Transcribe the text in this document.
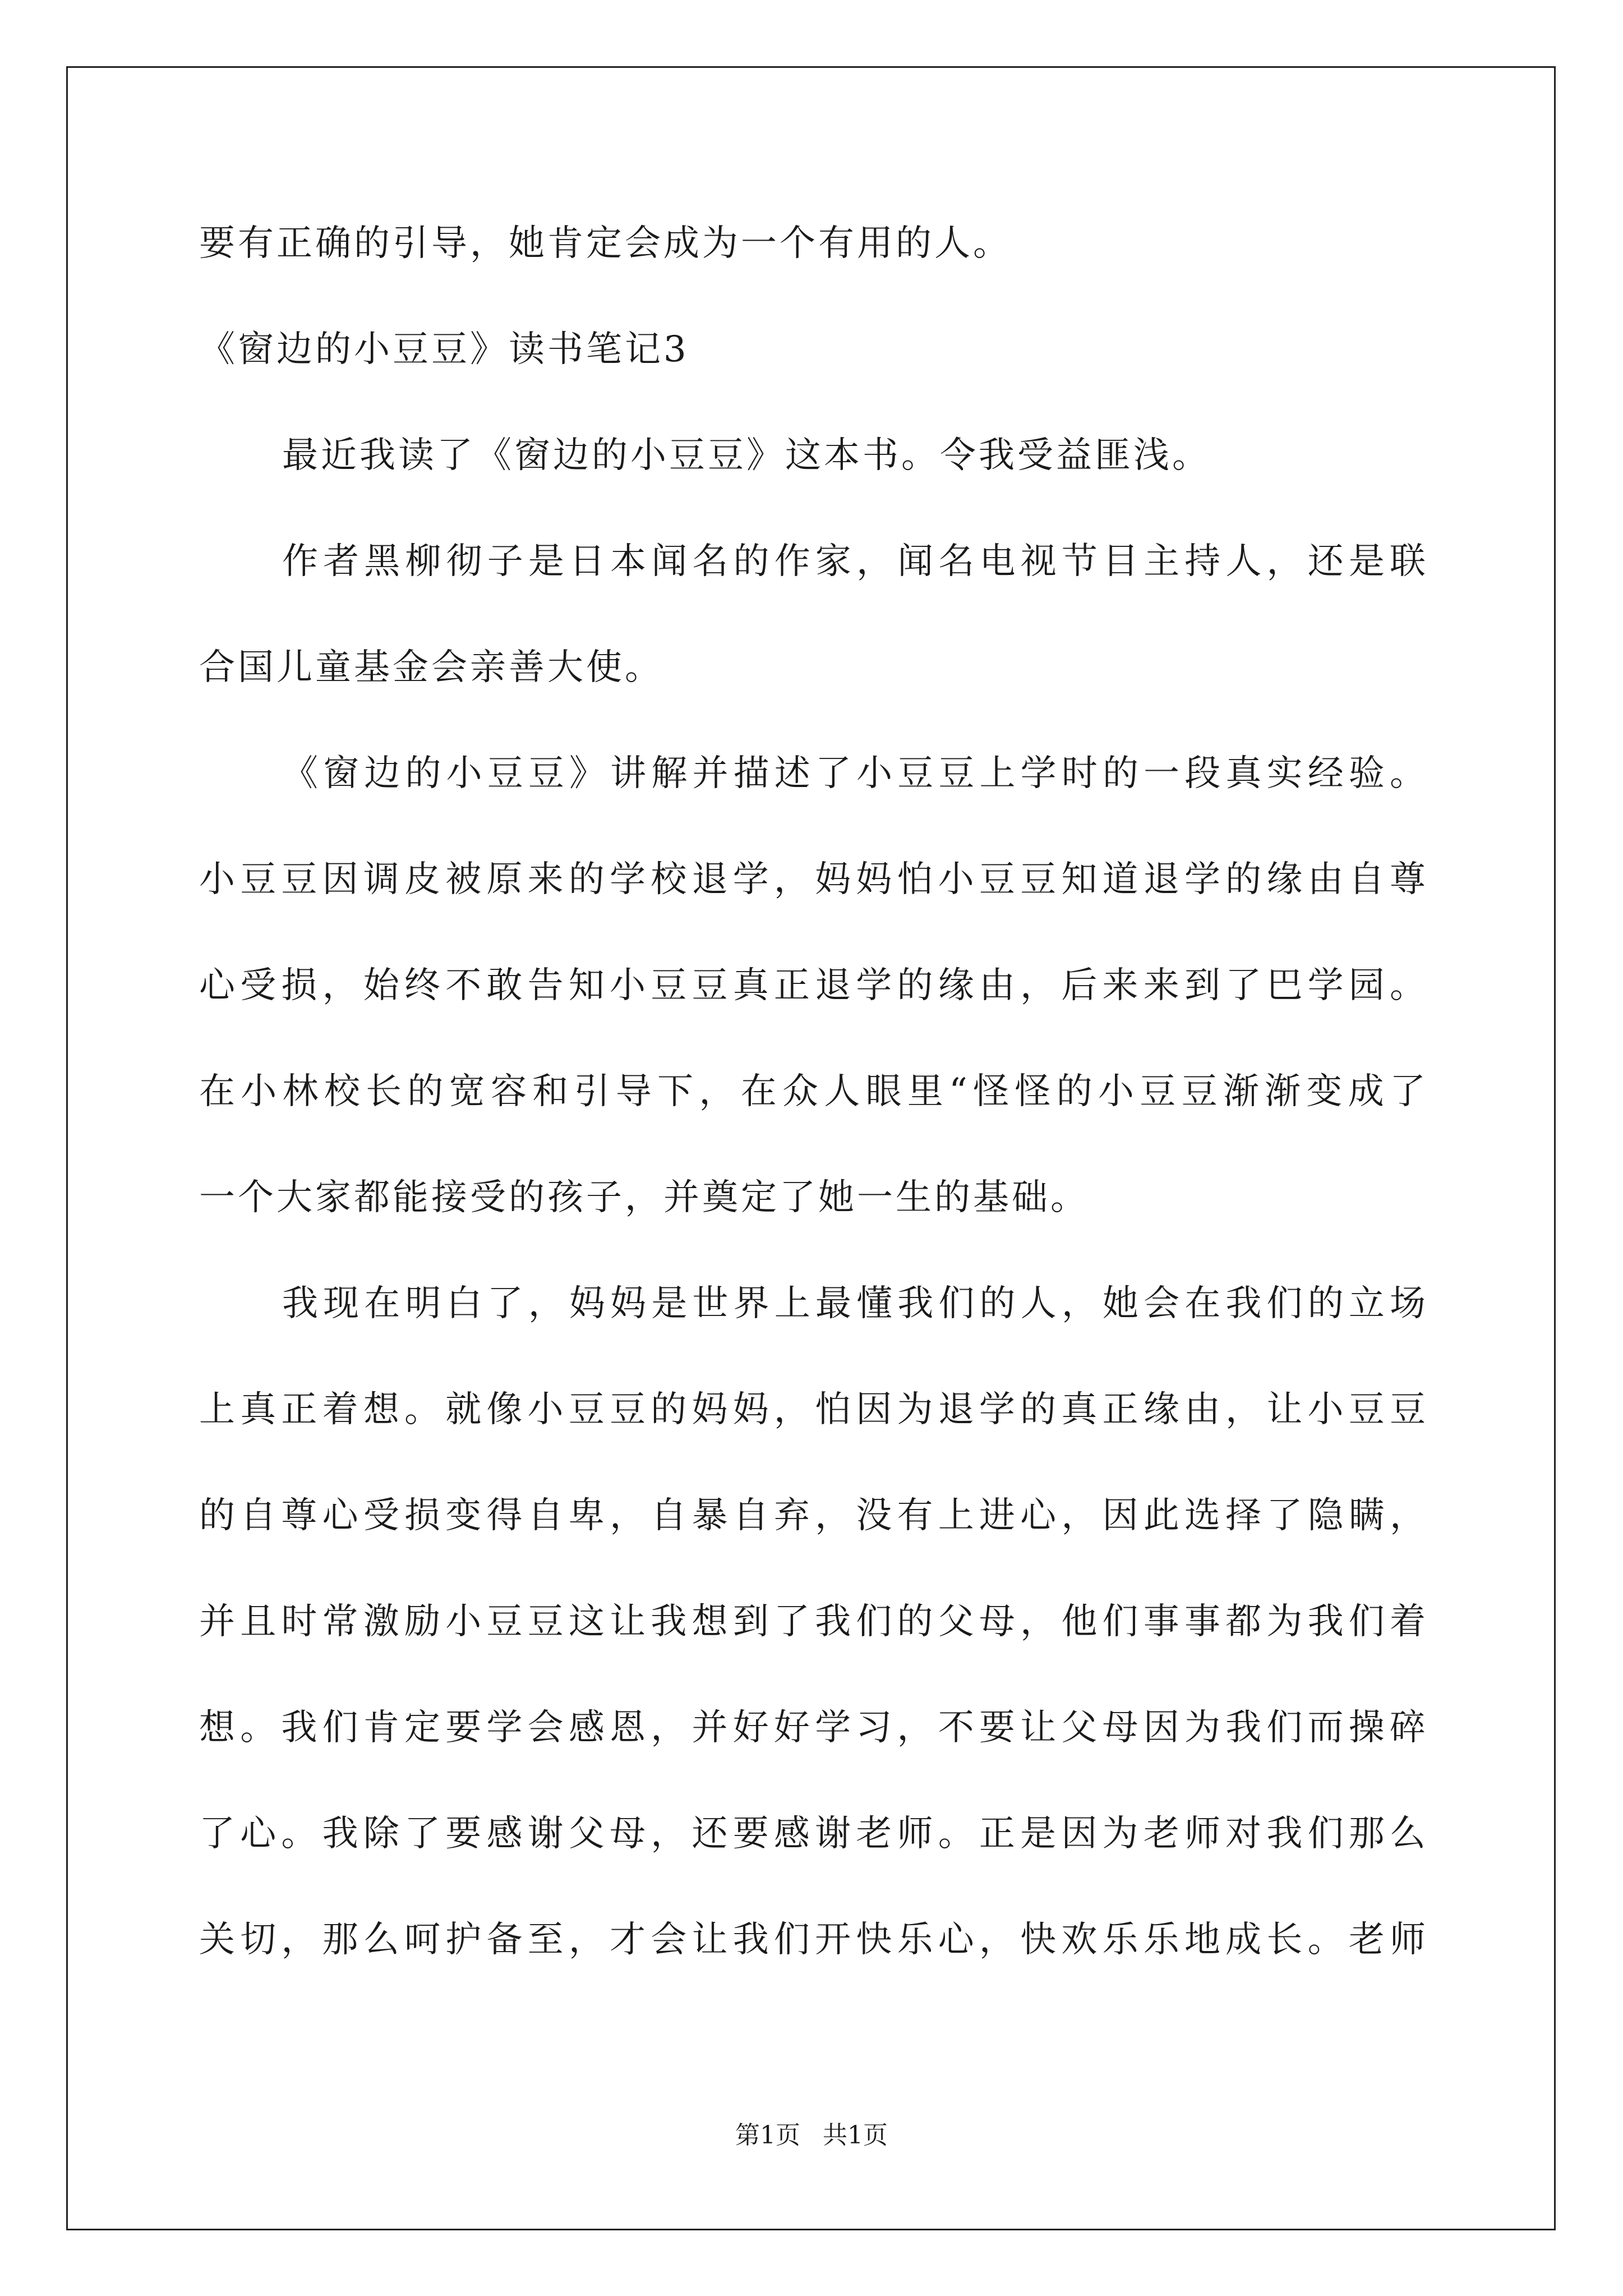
要有正确的引导，她肯定会成为一个有用的人。
《窗边的小豆豆》读书笔记3
最近我读了《窗边的小豆豆》这本书。令我受益匪浅。
作者黑柳彻子是日本闻名的作家，闻名电视节目主持人，还是联
合国儿童基金会亲善大使。
《窗边的小豆豆》讲解并描述了小豆豆上学时的一段真实经验。
小豆豆因调皮被原来的学校退学，妈妈怕小豆豆知道退学的缘由自尊
心受损，始终不敢告知小豆豆真正退学的缘由，后来来到了巴学园。
在小林校长的宽容和引导下，在众人眼里“怪怪的小豆豆渐渐变成了
一个大家都能接受的孩子，并奠定了她一生的基础。
我现在明白了，妈妈是世界上最懂我们的人，她会在我们的立场
上真正着想。就像小豆豆的妈妈，怕因为退学的真正缘由，让小豆豆
的自尊心受损变得自卑，自暴自弃，没有上进心，因此选择了隐瞒，
并且时常激励小豆豆这让我想到了我们的父母，他们事事都为我们着
想。我们肯定要学会感恩，并好好学习，不要让父母因为我们而操碎
了心。我除了要感谢父母，还要感谢老师。正是因为老师对我们那么
关切，那么呵护备至，才会让我们开快乐心，快欢乐乐地成长。老师
第1页 共1页
